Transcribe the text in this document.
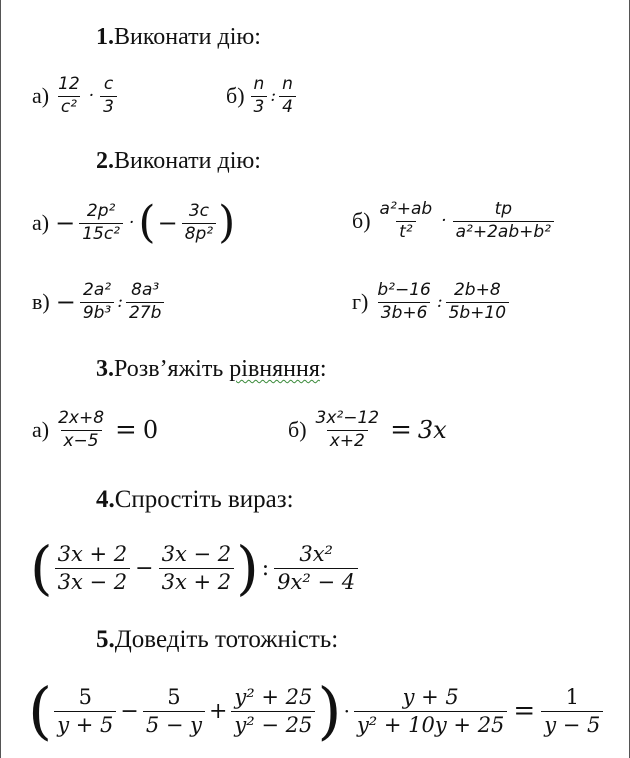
1.Виконати дію:
$а) \frac{12}{\text{c²}} \cdot \frac{c}{3}$	$б) \frac{n}{3}$ : $\frac{n}{4}$
2.Виконати дію:
$а) - \frac{\text{2p²}}{\text{15c²}}$ · ( − $\frac{3c}{\text{8p²}}$ )	$б) \frac{\text{a²+ab}}{\text{t²}} \cdot \frac{tp}{\text{a²+2ab+b²}}$
$в) - \frac{\text{2a²}}{\text{9b³}}$ : $\frac{\text{8a³}}{27b}$	$г) \frac{\text{b²−16}}{3b+6}$ : $\frac{2b+8}{5b+10}$
3.Розв’яжіть рівняння:
$а) \frac{2x+8}{x-5} = 0$	$б) \frac{\text{3x²−12}}{x+2} = 3x$
4.Спростіть вираз:
( $\frac{3x + 2}{3x - 2} - \frac{3x - 2}{3x + 2}$ ) : $\frac{\text{3x²}}{\text{9x² − 4}}$
5.Доведіть тотожність:
( $\frac{5}{y + 5} - \frac{5}{5 - y} + \frac{\text{y² + 25}}{\text{y² − 25}}$ ) · $\frac{y + 5}{\text{y² + 10y + 25}} = \frac{1}{y - 5}$
